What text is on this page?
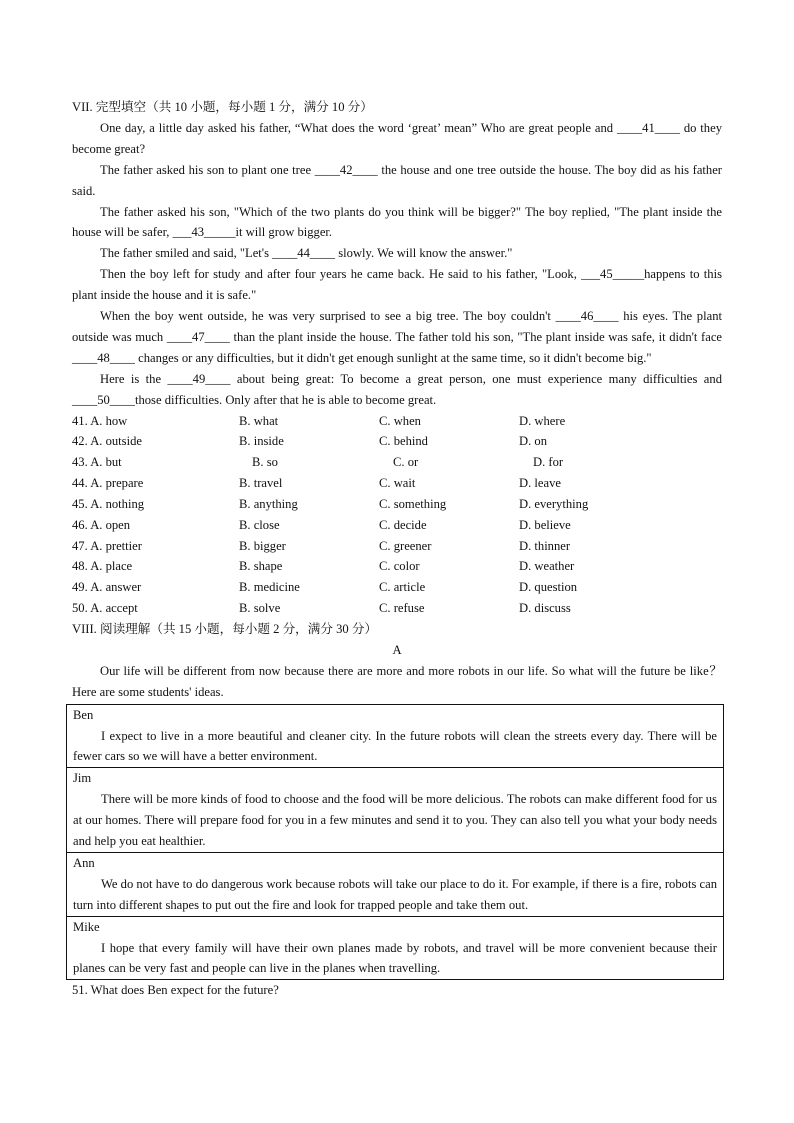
VII. 完型填空（共 10 小题，每小题 1 分，满分 10 分）

One day, a little day asked his father, “What does the word ‘great’ mean” Who are great people and ____41____ do they become great?

The father asked his son to plant one tree ____42____ the house and one tree outside the house. The boy did as his father said.

The father asked his son, "Which of the two plants do you think will be bigger?" The boy replied, "The plant inside the house will be safer, ___43_____it will grow bigger.

The father smiled and said, "Let's ____44____ slowly. We will know the answer."

Then the boy left for study and after four years he came back. He said to his father, "Look, ___45_____happens to this plant inside the house and it is safe."

When the boy went outside, he was very surprised to see a big tree. The boy couldn't ____46____ his eyes. The plant outside was much ____47____ than the plant inside the house. The father told his son, "The plant inside was safe, it didn't face ____48____ changes or any difficulties, but it didn't get enough sunlight at the same time, so it didn't become big."

Here is the ____49____ about being great: To become a great person, one must experience many difficulties and ____50____those difficulties. Only after that he is able to become great.

41. A. how	B. what	C. when	D. where
42. A. outside	B. inside	C. behind	D. on
43. A. but	B. so	C. or	D. for
44. A. prepare	B. travel	C. wait	D. leave
45. A. nothing	B. anything	C. something	D. everything
46. A. open	B. close	C. decide	D. believe
47. A. prettier	B. bigger	C. greener	D. thinner
48. A. place	B. shape	C. color	D. weather
49. A. answer	B. medicine	C. article	D. question
50. A. accept	B. solve	C. refuse	D. discuss
VIII. 阅读理解（共 15 小题，每小题 2 分，满分 30 分）
A

Our life will be different from now because there are more and more robots in our life. So what will the future be like？Here are some students' ideas.

Ben
I expect to live in a more beautiful and cleaner city. In the future robots will clean the streets every day. There will be fewer cars so we will have a better environment.

Jim
There will be more kinds of food to choose and the food will be more delicious. The robots can make different food for us at our homes. There will prepare food for you in a few minutes and send it to you. They can also tell you what your body needs and help you eat healthier.

Ann
We do not have to do dangerous work because robots will take our place to do it. For example, if there is a fire, robots can turn into different shapes to put out the fire and look for trapped people and take them out.

Mike
I hope that every family will have their own planes made by robots, and travel will be more convenient because their planes can be very fast and people can live in the planes when travelling.
51. What does Ben expect for the future?
